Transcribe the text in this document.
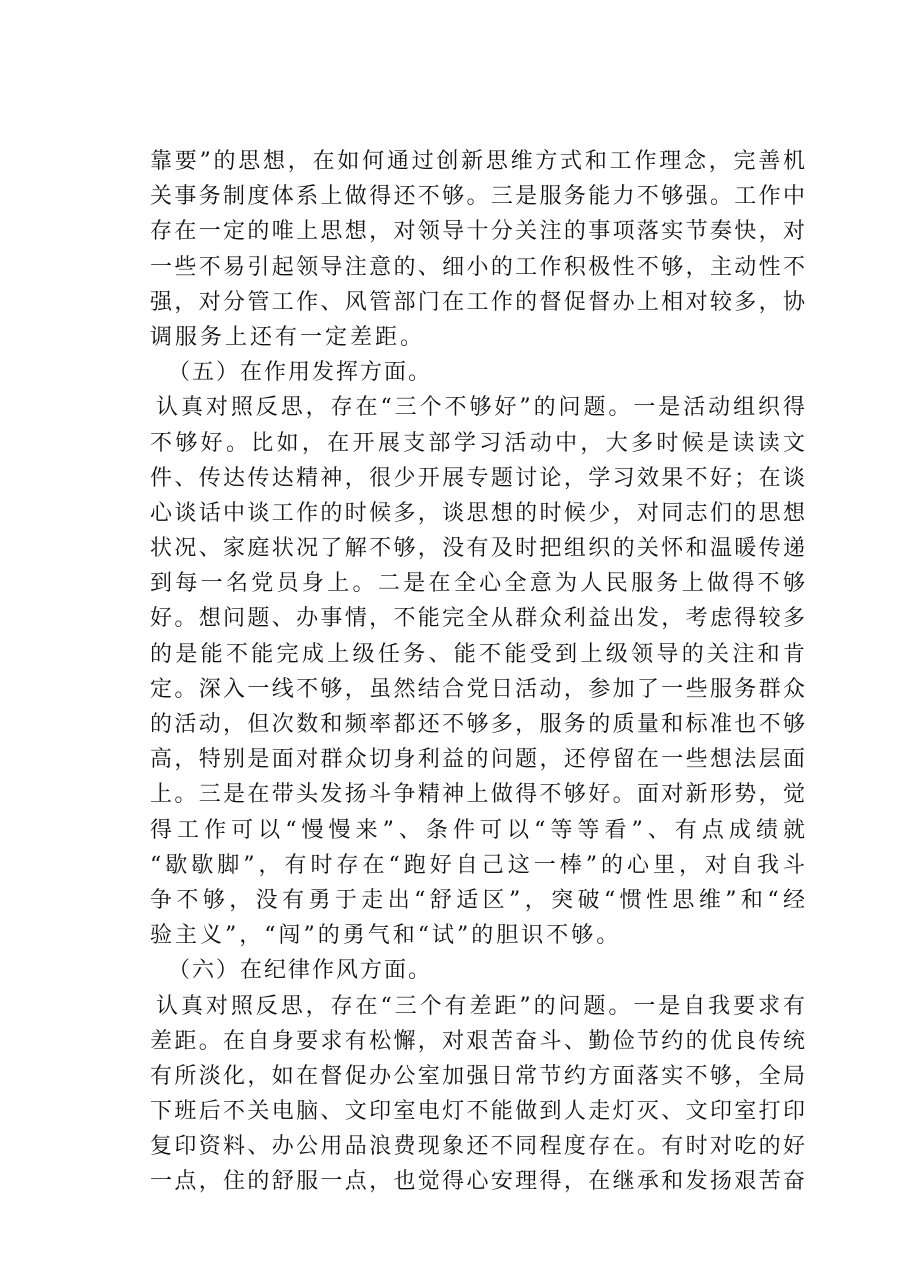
靠要”的思想，在如何通过创新思维方式和工作理念，完善机
关事务制度体系上做得还不够。三是服务能力不够强。工作中
存在一定的唯上思想，对领导十分关注的事项落实节奏快，对
一些不易引起领导注意的、细小的工作积极性不够，主动性不
强，对分管工作、风管部门在工作的督促督办上相对较多，协
调服务上还有一定差距。
（五）在作用发挥方面。
认真对照反思，存在“三个不够好”的问题。一是活动组织得
不够好。比如，在开展支部学习活动中，大多时候是读读文
件、传达传达精神，很少开展专题讨论，学习效果不好；在谈
心谈话中谈工作的时候多，谈思想的时候少，对同志们的思想
状况、家庭状况了解不够，没有及时把组织的关怀和温暖传递
到每一名党员身上。二是在全心全意为人民服务上做得不够
好。想问题、办事情，不能完全从群众利益出发，考虑得较多
的是能不能完成上级任务、能不能受到上级领导的关注和肯
定。深入一线不够，虽然结合党日活动，参加了一些服务群众
的活动，但次数和频率都还不够多，服务的质量和标准也不够
高，特别是面对群众切身利益的问题，还停留在一些想法层面
上。三是在带头发扬斗争精神上做得不够好。面对新形势，觉
得工作可以“慢慢来”、条件可以“等等看”、有点成绩就
“歇歇脚”，有时存在“跑好自己这一棒”的心里，对自我斗
争不够，没有勇于走出“舒适区”，突破“惯性思维”和“经
验主义”，“闯”的勇气和“试”的胆识不够。
（六）在纪律作风方面。
认真对照反思，存在“三个有差距”的问题。一是自我要求有
差距。在自身要求有松懈，对艰苦奋斗、勤俭节约的优良传统
有所淡化，如在督促办公室加强日常节约方面落实不够，全局
下班后不关电脑、文印室电灯不能做到人走灯灭、文印室打印
复印资料、办公用品浪费现象还不同程度存在。有时对吃的好
一点，住的舒服一点，也觉得心安理得，在继承和发扬艰苦奋
